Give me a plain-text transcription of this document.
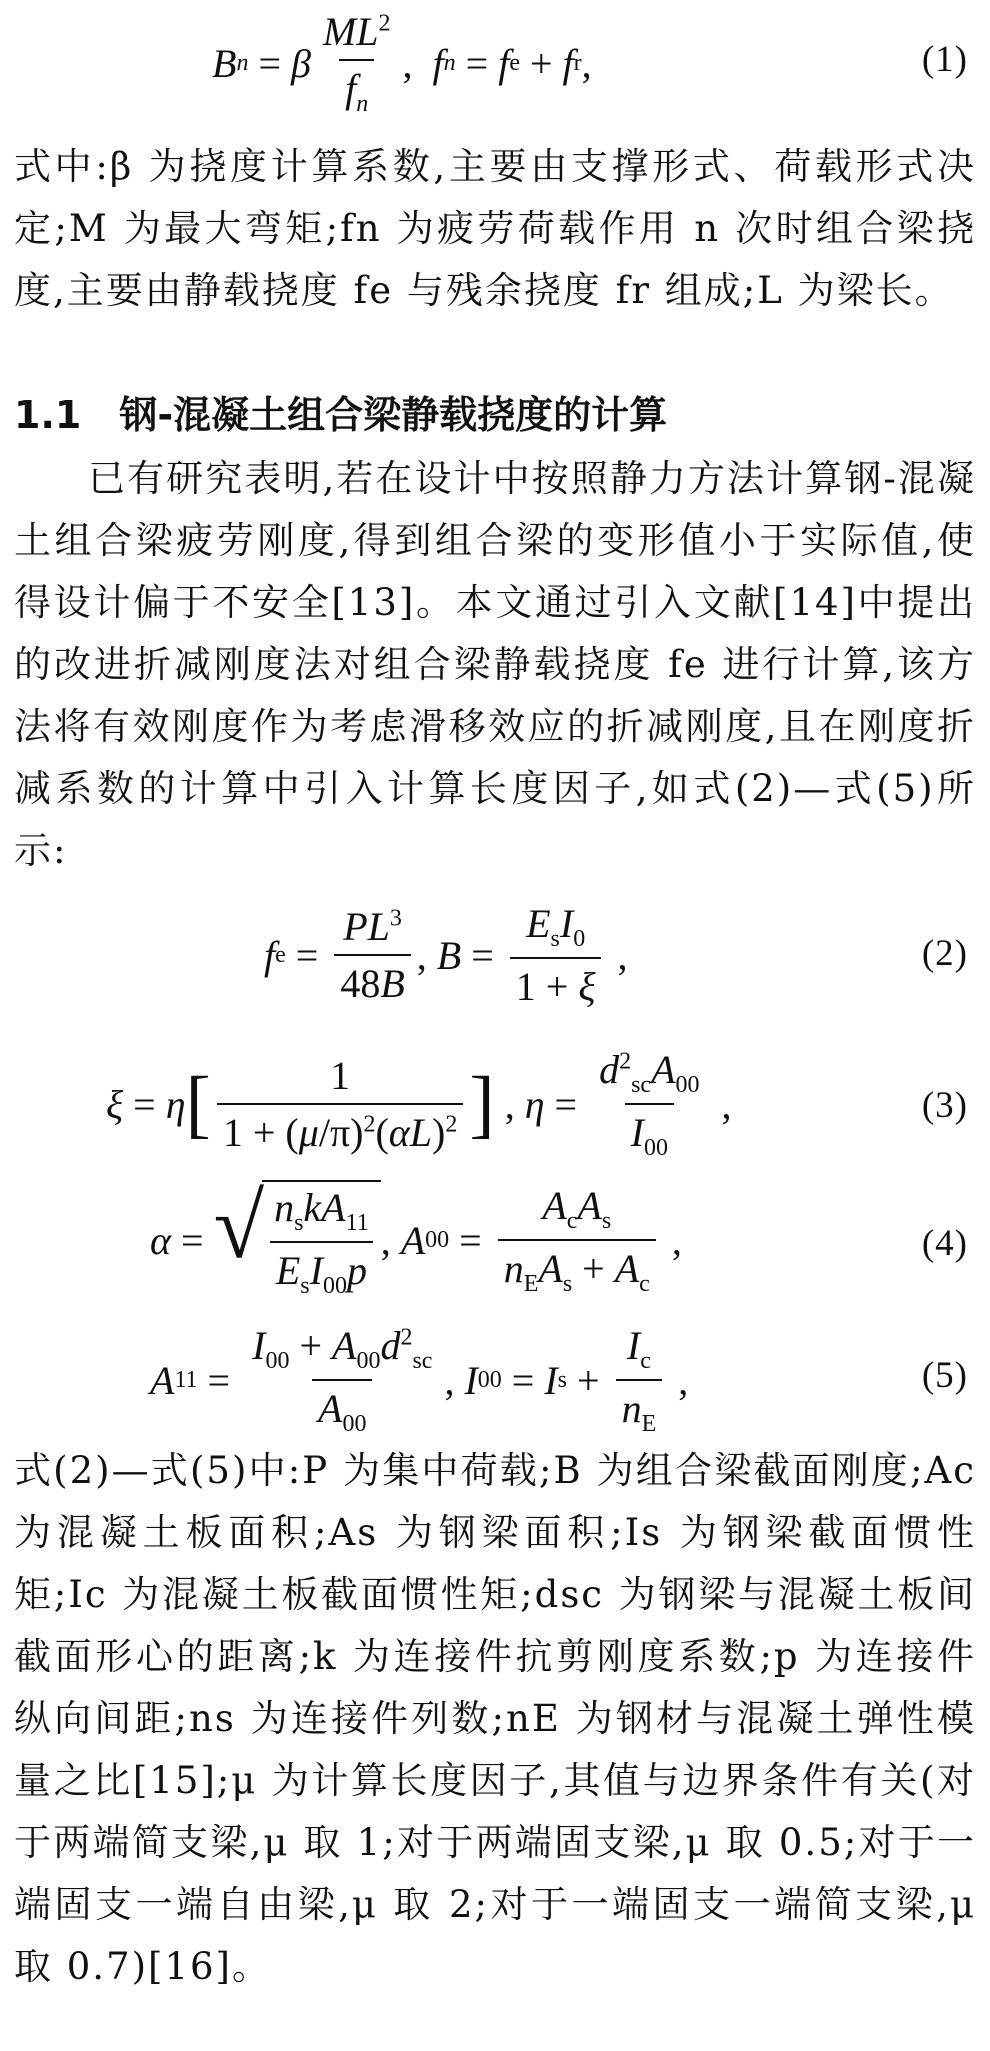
B n = β $\frac{ML^2}{f_n}$ ,
f n = f e + f r ,	(1)
式中:β 为挠度计算系数,主要由支撑形式、荷载形式决定;M 为最大弯矩;fn 为疲劳荷载作用 n 次时组合梁挠度,主要由静载挠度 fe 与残余挠度 fr 组成;L 为梁长。
1.1　钢-混凝土组合梁静载挠度的计算
已有研究表明,若在设计中按照静力方法计算钢-混凝土组合梁疲劳刚度,得到组合梁的变形值小于实际值,使得设计偏于不安全[13]。本文通过引入文献[14]中提出的改进折减刚度法对组合梁静载挠度 fe 进行计算,该方法将有效刚度作为考虑滑移效应的折减刚度,且在刚度折减系数的计算中引入计算长度因子,如式(2)—式(5)所示:
f $e = \frac{PL^3}{48B}$ ,
$B = \frac{E_sI_0}{1 + \xi}$
,	(2)
ξ = η [ $\frac{1}{1 + (\mu/\pi)^2(\alpha L)^2}$ ]
,
$\eta = \frac{d^2_{sc}A_{00}}{I_{00}}$
,	(3)
α = √ $\frac{n_skA_{11}}{E_sI_{00}p}$ ,
A $00 = \frac{A_cA_s}{n_EA_s + A_c}$
,	(4)
A $11 = \frac{I_{00} + A_{00}d^2_{sc}}{A_{00}}$ ,
I 00 = I $s + \frac{I_c}{n_E}$
,	(5)
式(2)—式(5)中:P 为集中荷载;B 为组合梁截面刚度;Ac 为混凝土板面积;As 为钢梁面积;Is 为钢梁截面惯性矩;Ic 为混凝土板截面惯性矩;dsc 为钢梁与混凝土板间截面形心的距离;k 为连接件抗剪刚度系数;p 为连接件纵向间距;ns 为连接件列数;nE 为钢材与混凝土弹性模量之比[15];μ 为计算长度因子,其值与边界条件有关(对于两端简支梁,μ 取 1;对于两端固支梁,μ 取 0.5;对于一端固支一端自由梁,μ 取 2;对于一端固支一端简支梁,μ 取 0.7)[16]。
